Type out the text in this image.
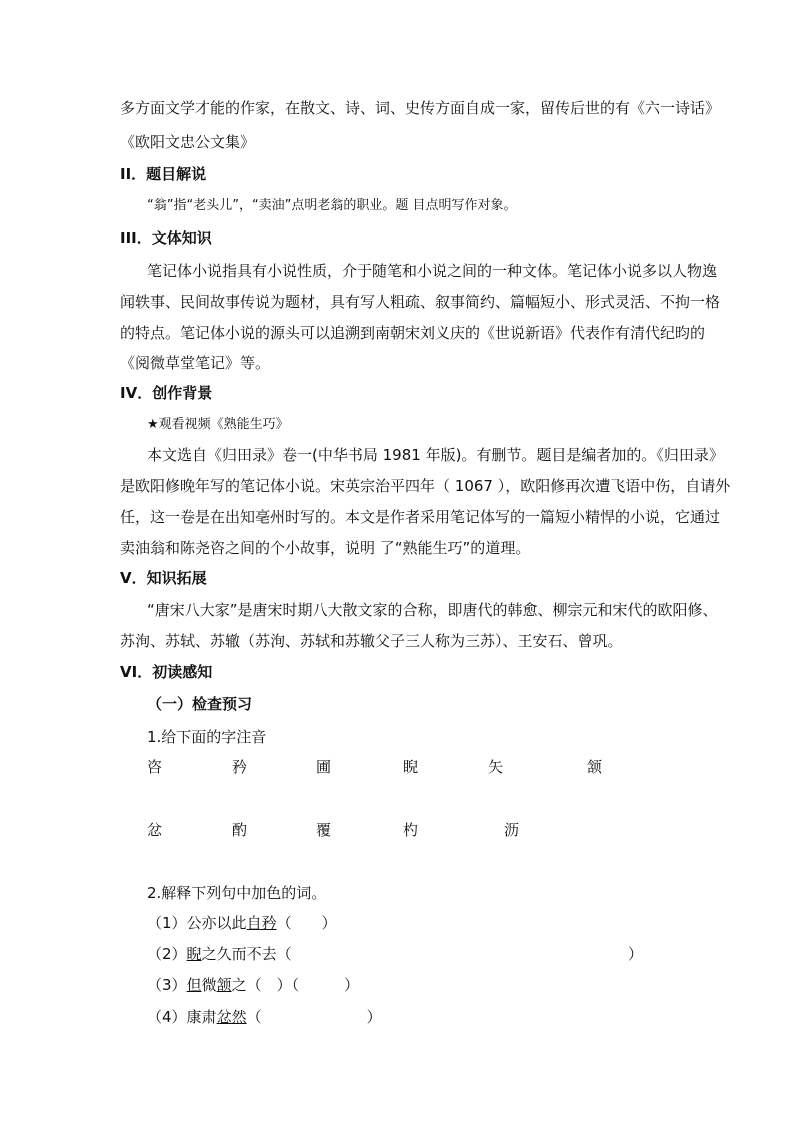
多方面文学才能的作家，在散文、诗、词、史传方面自成一家，留传后世的有《六一诗话》
《欧阳文忠公文集》
II．题目解说
“翁”指“老头儿”，“卖油”点明老翁的职业。题 目点明写作对象。
III．文体知识
笔记体小说指具有小说性质，介于随笔和小说之间的一种文体。笔记体小说多以人物逸
闻轶事、民间故事传说为题材，具有写人粗疏、叙事简约、篇幅短小、形式灵活、不拘一格
的特点。笔记体小说的源头可以追溯到南朝宋刘义庆的《世说新语》代表作有清代纪昀的
《阅微草堂笔记》等。
IV．创作背景
★观看视频《熟能生巧》
本文选自《归田录》卷一(中华书局 1981 年版)。有删节。题目是编者加的。《归田录》
是欧阳修晚年写的笔记体小说。宋英宗治平四年（ 1067 ），欧阳修再次遭飞语中伤，自请外
任，这一卷是在出知亳州时写的。本文是作者采用笔记体写的一篇短小精悍的小说，它通过
卖油翁和陈尧咨之间的个小故事，说明 了“熟能生巧”的道理。
V．知识拓展
“唐宋八大家”是唐宋时期八大散文家的合称，即唐代的韩愈、柳宗元和宋代的欧阳修、
苏洵、苏轼、苏辙（苏洵、苏轼和苏辙父子三人称为三苏）、王安石、曾巩。
VI．初读感知
（一）检查预习
1.给下面的字注音
咨	矜	圃	睨	矢	颔
忿	酌	覆	杓	沥
2.解释下列句中加色的词。
（1）公亦以此自矜（　　）
（2）睨之久而不去（	）
（3）但微颔之（　）（　　　）
（4）康肃忿然（　　　　　　　）
